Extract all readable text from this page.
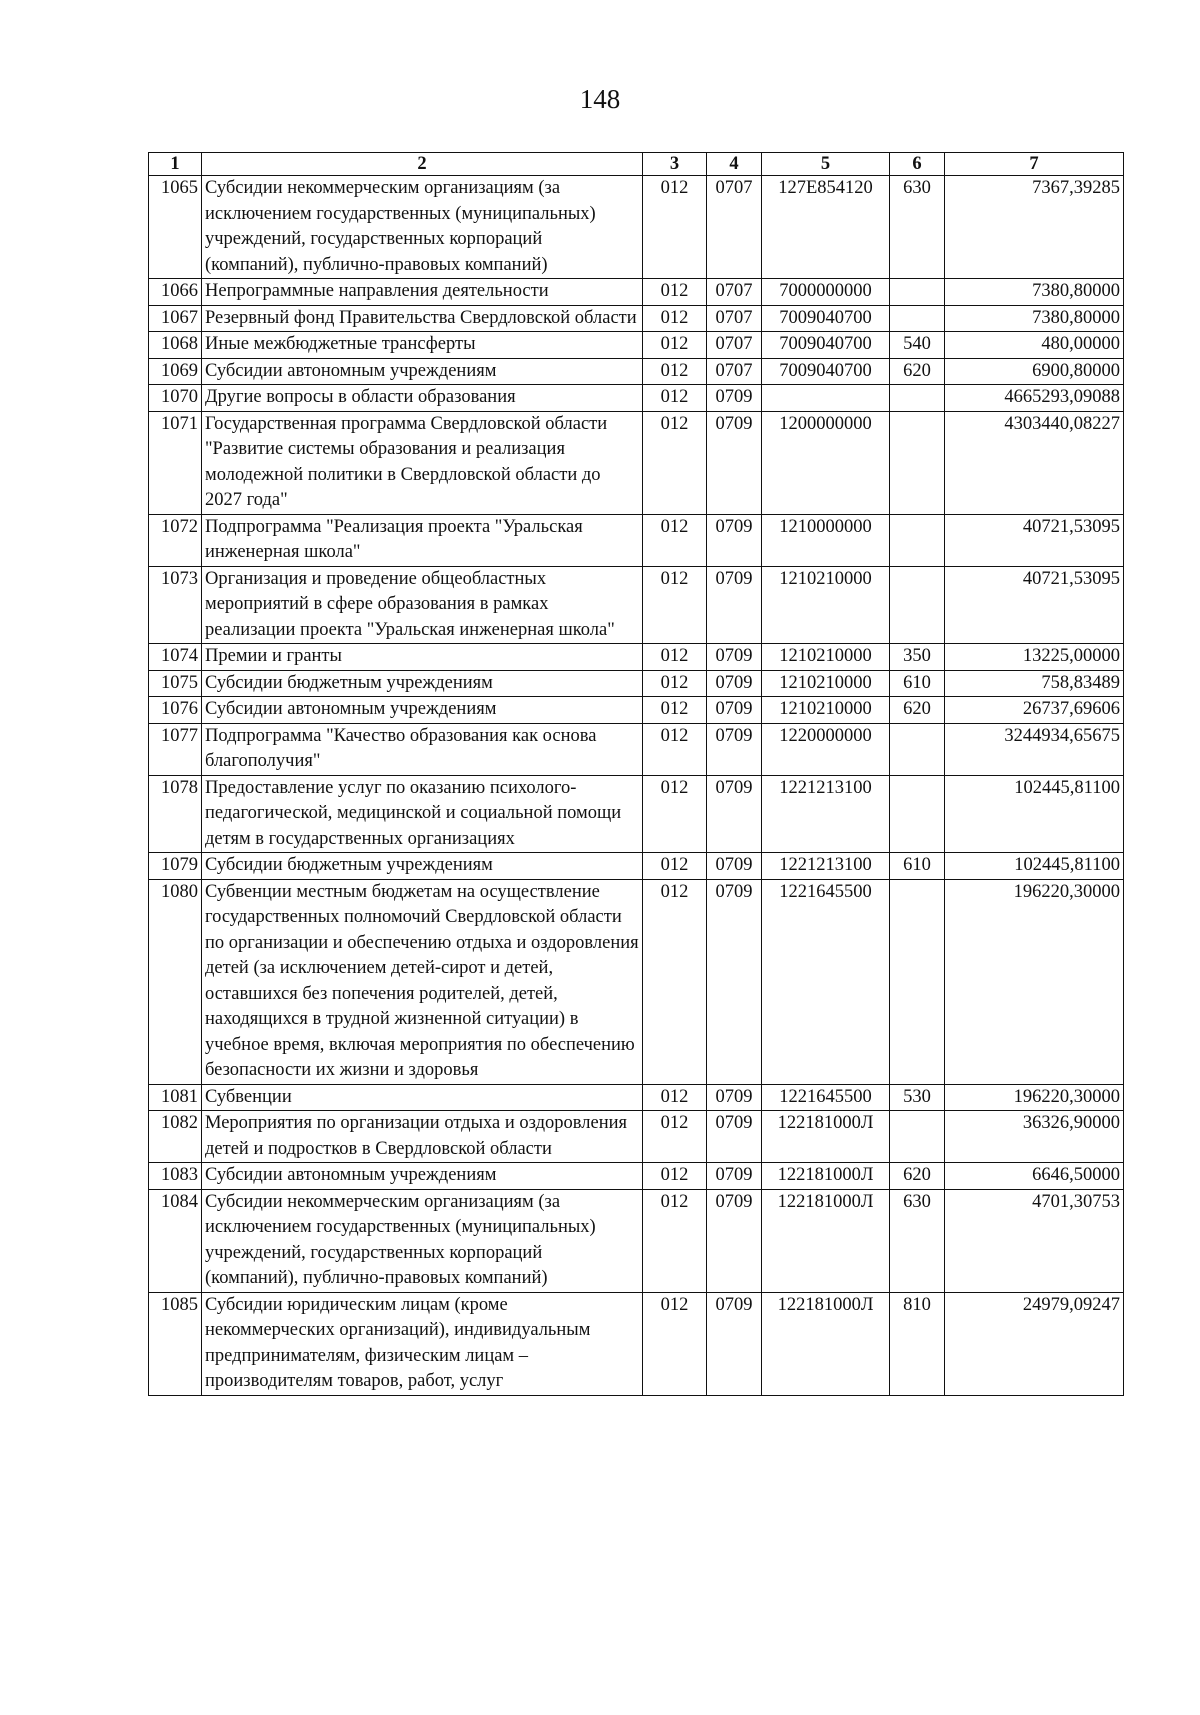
148
1	2	3	4	5	6	7
1065	Субсидии некоммерческим организациям (за исключением государственных (муниципальных) учреждений, государственных корпораций (компаний), публично-правовых компаний)	012	0707	127E854120	630	7367,39285
1066	Непрограммные направления деятельности	012	0707	7000000000		7380,80000
1067	Резервный фонд Правительства Свердловской области	012	0707	7009040700		7380,80000
1068	Иные межбюджетные трансферты	012	0707	7009040700	540	480,00000
1069	Субсидии автономным учреждениям	012	0707	7009040700	620	6900,80000
1070	Другие вопросы в области образования	012	0709			4665293,09088
1071	Государственная программа Свердловской области "Развитие системы образования и реализация молодежной политики в Свердловской области до 2027 года"	012	0709	1200000000		4303440,08227
1072	Подпрограмма "Реализация проекта "Уральская инженерная школа"	012	0709	1210000000		40721,53095
1073	Организация и проведение общеобластных мероприятий в сфере образования в рамках реализации проекта "Уральская инженерная школа"	012	0709	1210210000		40721,53095
1074	Премии и гранты	012	0709	1210210000	350	13225,00000
1075	Субсидии бюджетным учреждениям	012	0709	1210210000	610	758,83489
1076	Субсидии автономным учреждениям	012	0709	1210210000	620	26737,69606
1077	Подпрограмма "Качество образования как основа благополучия"	012	0709	1220000000		3244934,65675
1078	Предоставление услуг по оказанию психолого-педагогической, медицинской и социальной помощи детям в государственных организациях	012	0709	1221213100		102445,81100
1079	Субсидии бюджетным учреждениям	012	0709	1221213100	610	102445,81100
1080	Субвенции местным бюджетам на осуществление государственных полномочий Свердловской области по организации и обеспечению отдыха и оздоровления детей (за исключением детей-сирот и детей, оставшихся без попечения родителей, детей, находящихся в трудной жизненной ситуации) в учебное время, включая мероприятия по обеспечению безопасности их жизни и здоровья	012	0709	1221645500		196220,30000
1081	Субвенции	012	0709	1221645500	530	196220,30000
1082	Мероприятия по организации отдыха и оздоровления детей и подростков в Свердловской области	012	0709	122181000Л		36326,90000
1083	Субсидии автономным учреждениям	012	0709	122181000Л	620	6646,50000
1084	Субсидии некоммерческим организациям (за исключением государственных (муниципальных) учреждений, государственных корпораций (компаний), публично-правовых компаний)	012	0709	122181000Л	630	4701,30753
1085	Субсидии юридическим лицам (кроме некоммерческих организаций), индивидуальным предпринимателям, физическим лицам – производителям товаров, работ, услуг	012	0709	122181000Л	810	24979,09247
